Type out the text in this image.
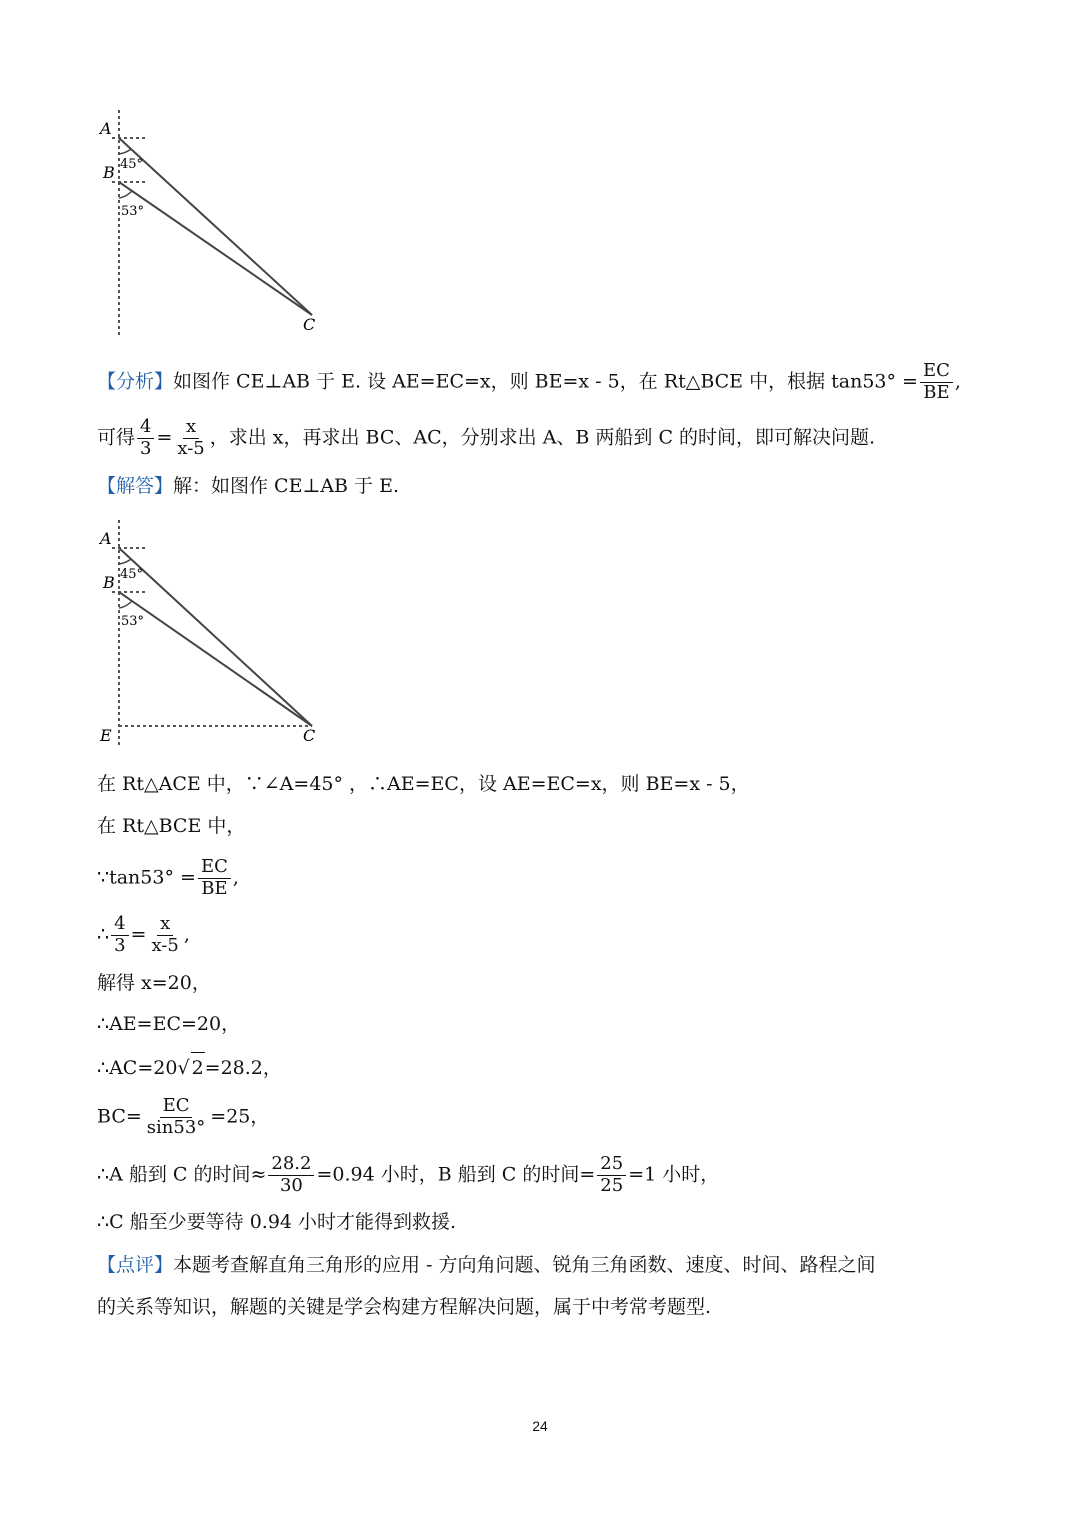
A
B
C
45°
53°
【分析】如图作 CE⊥AB 于 E. 设 AE=EC=x，则 BE=x - 5，在 Rt△BCE 中，根据 $\tan 53^\circ = \frac{EC}{BE}$ ,
可得 $\frac{4}{3} = \frac{x}{x-5}$ ，求出 x，再求出 BC、AC，分别求出 A、B 两船到 C 的时间，即可解决问题.
【解答】解：如图作 CE⊥AB 于 E.
A
B
C
E
45°
53°
在 Rt△ACE 中，∵∠A=45° ，∴AE=EC，设 AE=EC=x，则 BE=x - 5，
在 Rt△BCE 中，
∵tan53° = $\frac{EC}{BE}$ ,
∴ $\frac{4}{3} = \frac{x}{x-5}$ ,
解得 x=20，
∴AE=EC=20，
∴AC=20√ 2=28.2，
$BC= \frac{EC}{\sin 53^\circ} =25$，
∴A 船到 C 的时间≈ $\frac{28.2}{30} =0.94$ 小时，B 船到 C 的时间= $\frac{25}{25} =1$ 小时，
∴C 船至少要等待 0.94 小时才能得到救援.
【点评】本题考查解直角三角形的应用 - 方向角问题、锐角三角函数、速度、时间、路程之间
的关系等知识，解题的关键是学会构建方程解决问题，属于中考常考题型.
24
